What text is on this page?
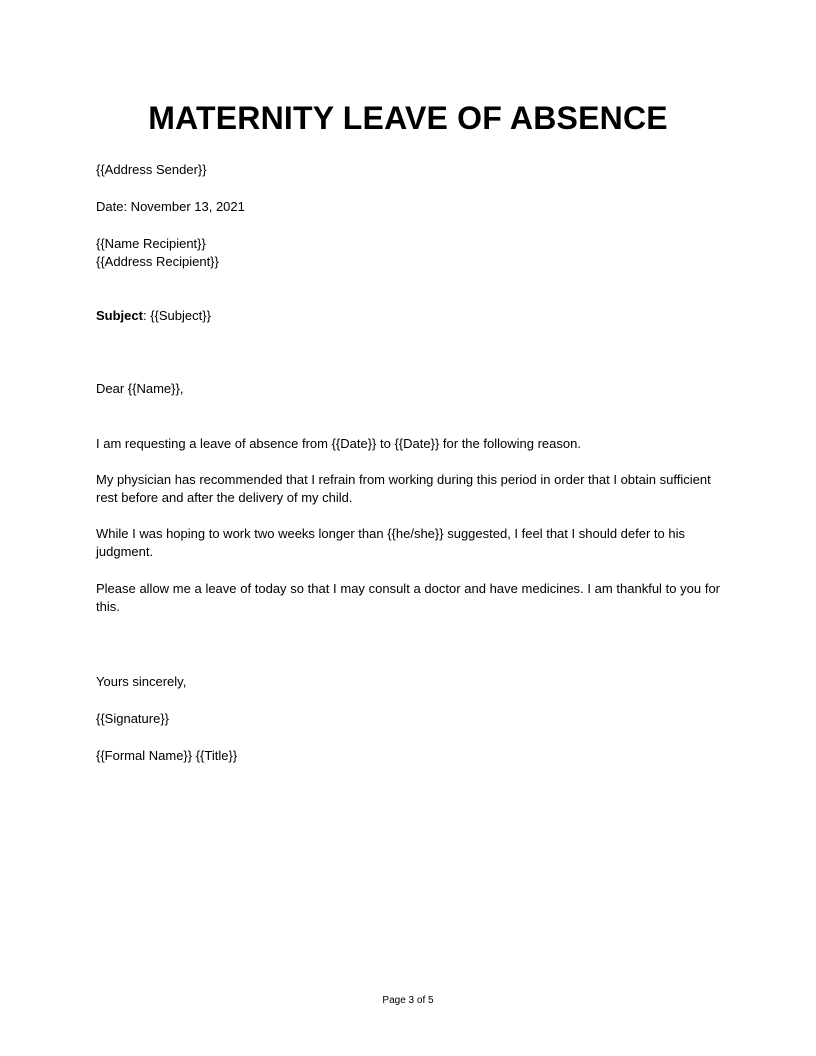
MATERNITY LEAVE OF ABSENCE
{{Address Sender}}
Date: November 13, 2021
{{Name Recipient}}
{{Address Recipient}}
Subject: {{Subject}}
Dear {{Name}},
I am requesting a leave of absence from {{Date}} to {{Date}} for the following reason.
My physician has recommended that I refrain from working during this period in order that I obtain sufficient rest before and after the delivery of my child.
While I was hoping to work two weeks longer than {{he/she}} suggested, I feel that I should defer to his judgment.
Please allow me a leave of today so that I may consult a doctor and have medicines. I am thankful to you for this.
Yours sincerely,
{{Signature}}
{{Formal Name}} {{Title}}
Page 3 of 5
